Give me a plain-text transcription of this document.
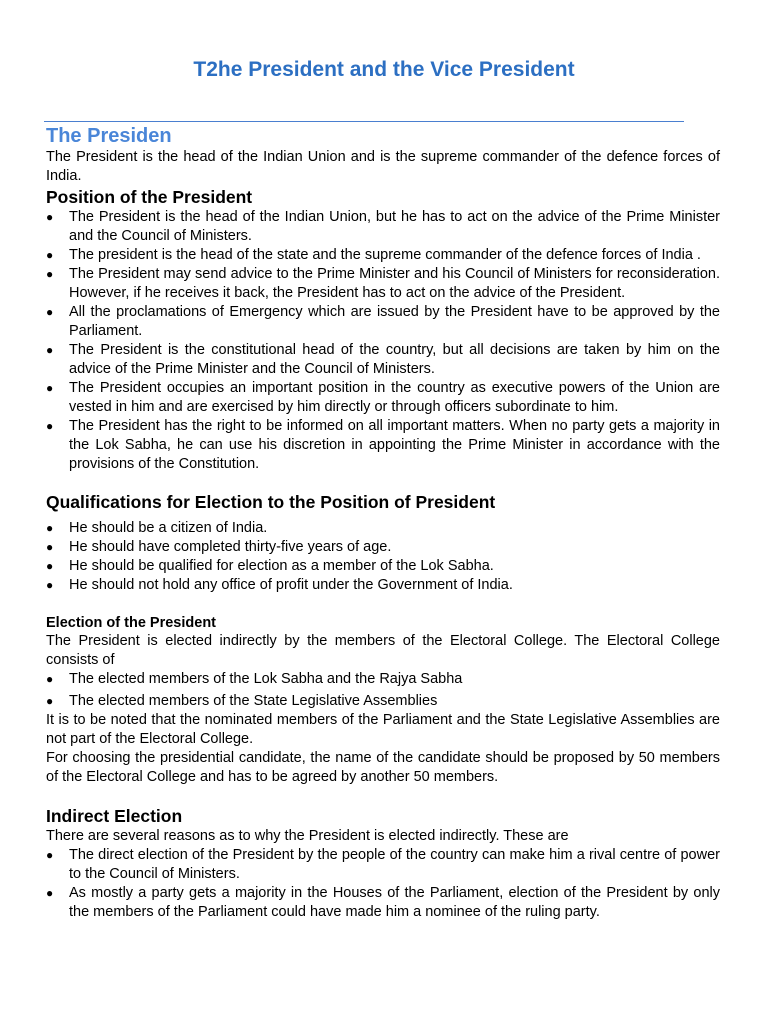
T2he President and the Vice President
The Presiden

The President is the head of the Indian Union and is the supreme commander of the defence forces of India.

Position of the President
● The President is the head of the Indian Union, but he has to act on the advice of the Prime Minister and the Council of Ministers.
● The president is the head of the state and the supreme commander of the defence forces of India .
● The President may send advice to the Prime Minister and his Council of Ministers for reconsideration. However, if he receives it back, the President has to act on the advice of the President.
● All the proclamations of Emergency which are issued by the President have to be approved by the Parliament.
● The President is the constitutional head of the country, but all decisions are taken by him on the advice of the Prime Minister and the Council of Ministers.
● The President occupies an important position in the country as executive powers of the Union are vested in him and are exercised by him directly or through officers subordinate to him.
● The President has the right to be informed on all important matters. When no party gets a majority in the Lok Sabha, he can use his discretion in appointing the Prime Minister in accordance with the provisions of the Constitution.
Qualifications for Election to the Position of President
● He should be a citizen of India.
● He should have completed thirty-five years of age.
● He should be qualified for election as a member of the Lok Sabha.
● He should not hold any office of profit under the Government of India.
Election of the President

The President is elected indirectly by the members of the Electoral College. The Electoral College consists of

● The elected members of the Lok Sabha and the Rajya Sabha
● The elected members of the State Legislative Assemblies

It is to be noted that the nominated members of the Parliament and the State Legislative Assemblies are not part of the Electoral College.

For choosing the presidential candidate, the name of the candidate should be proposed by 50 members of the Electoral College and has to be agreed by another 50 members.

Indirect Election

There are several reasons as to why the President is elected indirectly. These are

● The direct election of the President by the people of the country can make him a rival centre of power to the Council of Ministers.
● As mostly a party gets a majority in the Houses of the Parliament, election of the President by only the members of the Parliament could have made him a nominee of the ruling party.
